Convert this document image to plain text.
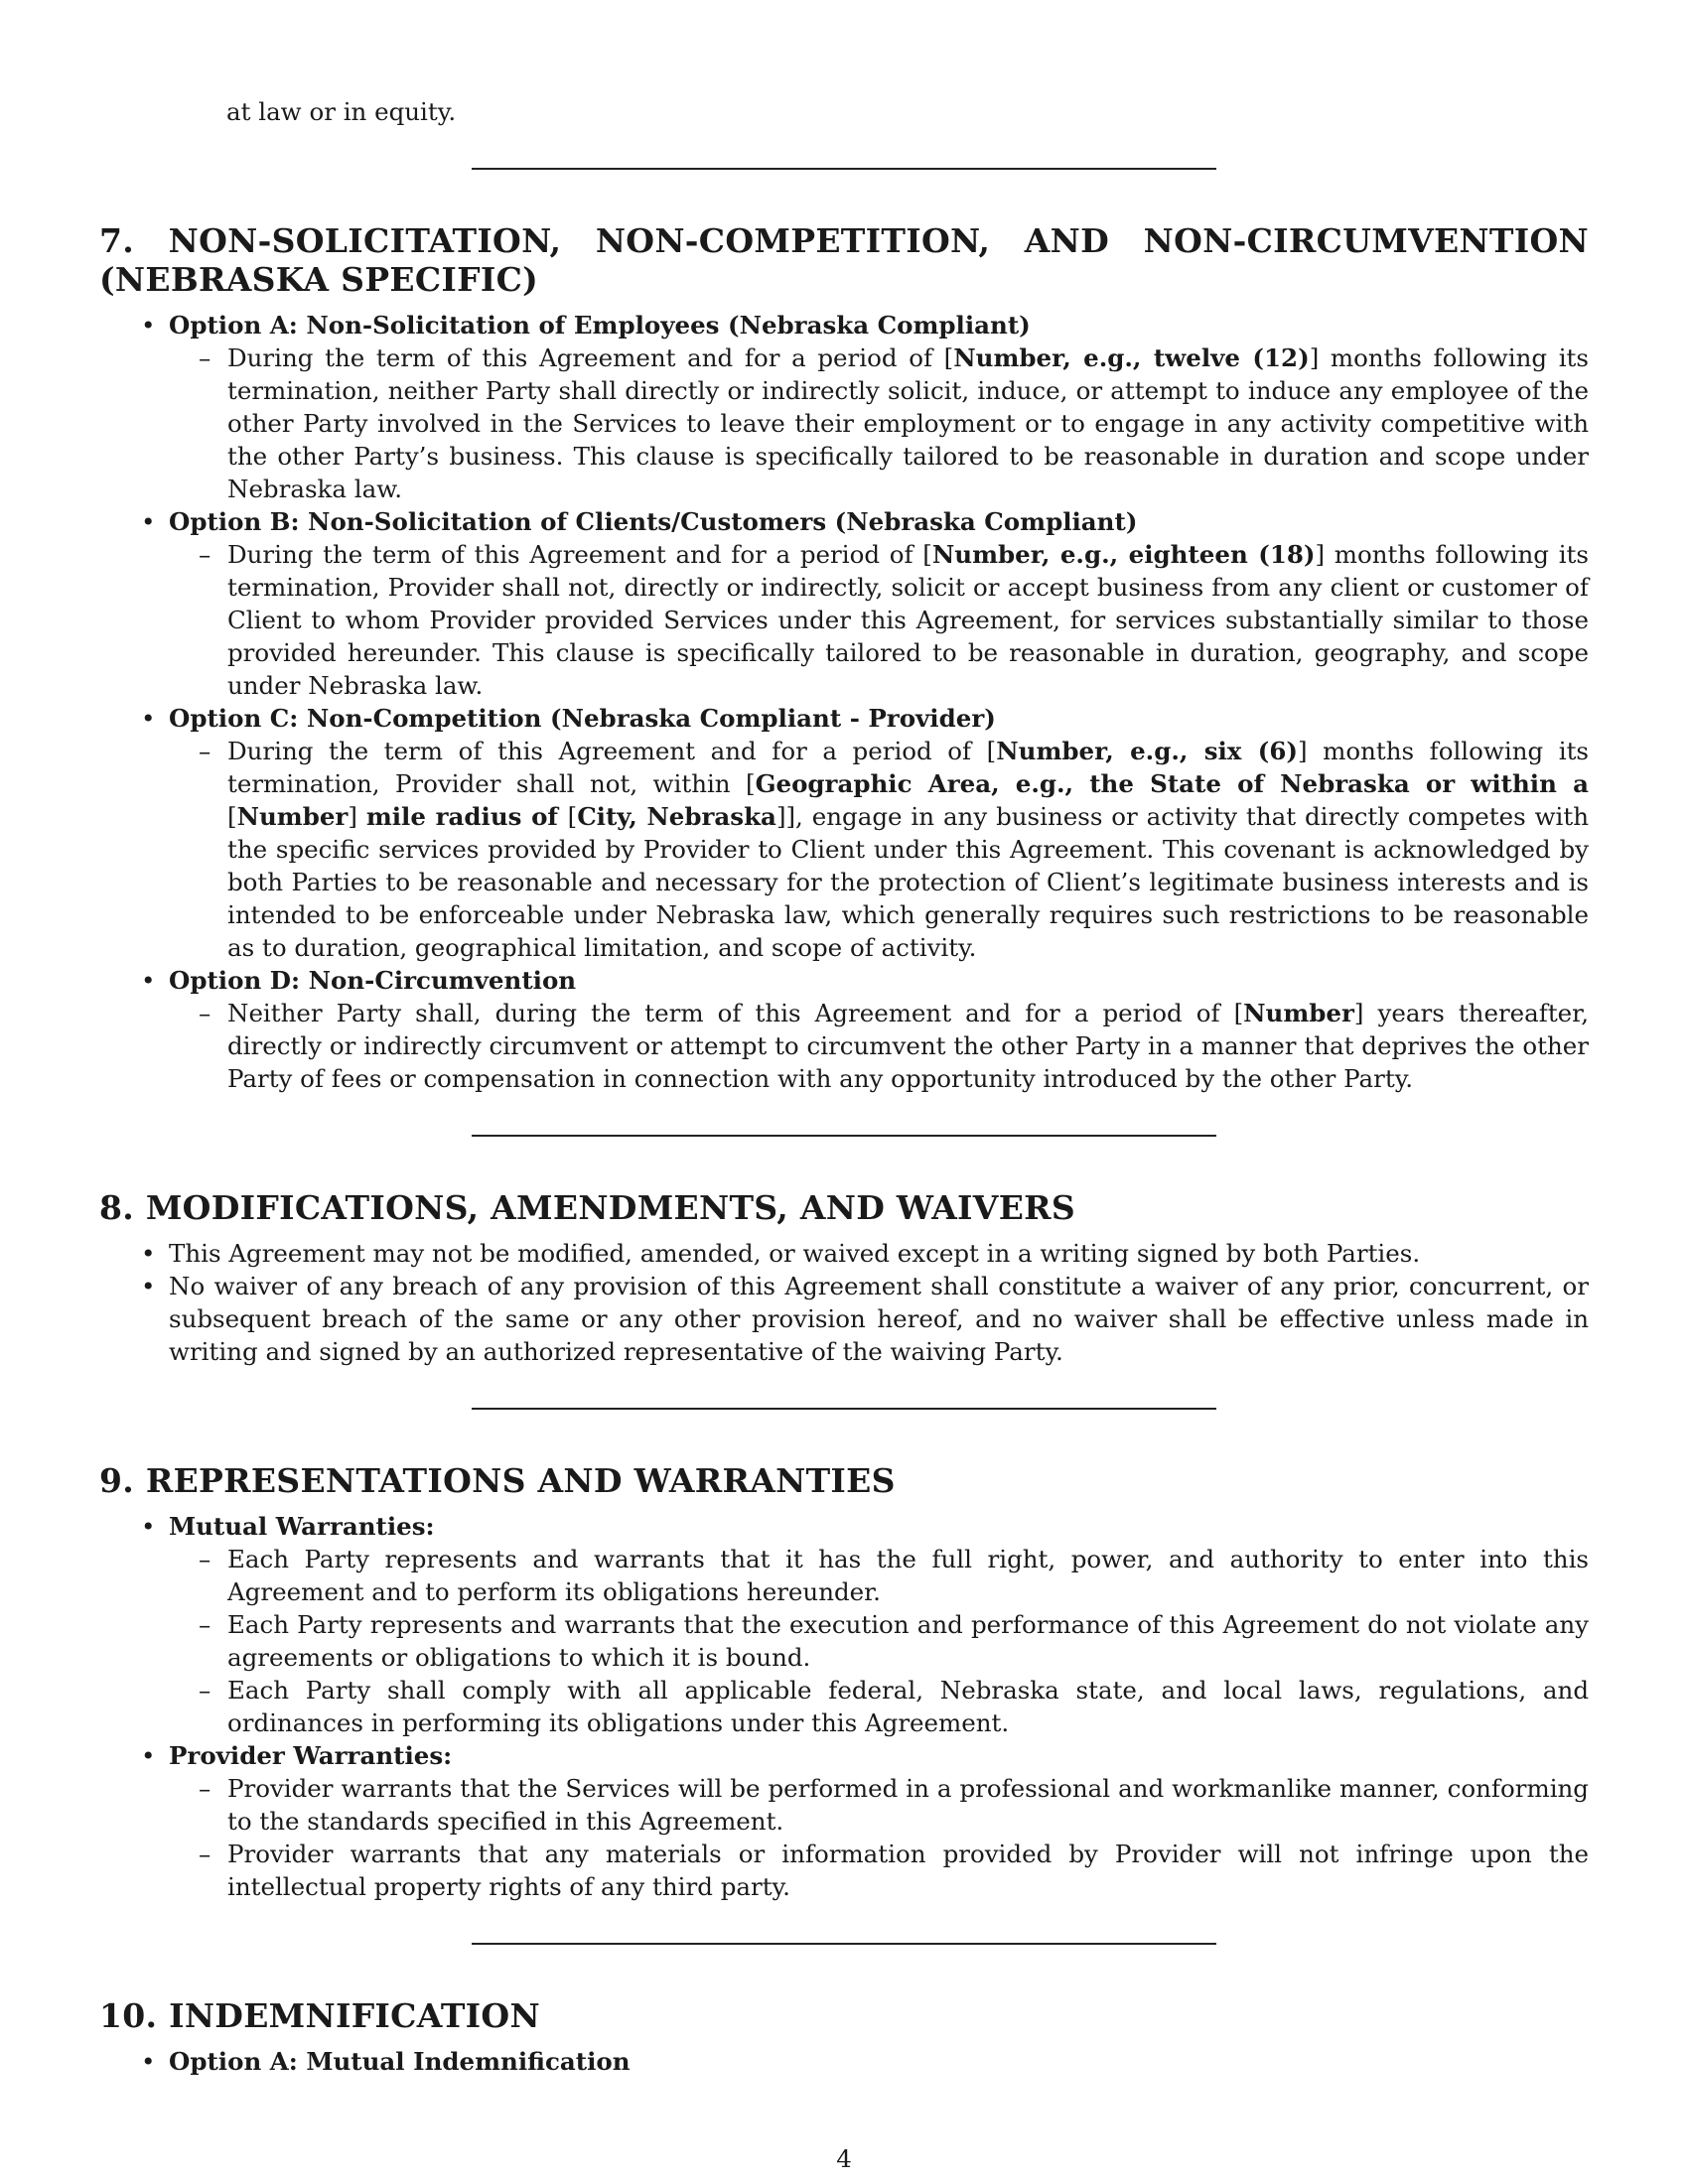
at law or in equity.

7. NON-SOLICITATION, NON-COMPETITION, AND NON-CIRCUMVENTION (NEBRASKA SPECIFIC)
• Option A: Non-Solicitation of Employees (Nebraska Compliant)
– During the term of this Agreement and for a period of [Number, e.g., twelve (12)] months following its termination, neither Party shall directly or indirectly solicit, induce, or attempt to induce any employee of the other Party involved in the Services to leave their employment or to engage in any activity competitive with the other Party’s business. This clause is specifically tailored to be reasonable in duration and scope under Nebraska law.
• Option B: Non-Solicitation of Clients/Customers (Nebraska Compliant)
– During the term of this Agreement and for a period of [Number, e.g., eighteen (18)] months following its termination, Provider shall not, directly or indirectly, solicit or accept business from any client or customer of Client to whom Provider provided Services under this Agreement, for services substantially similar to those provided hereunder. This clause is specifically tailored to be reasonable in duration, geography, and scope under Nebraska law.
• Option C: Non-Competition (Nebraska Compliant - Provider)
– During the term of this Agreement and for a period of [Number, e.g., six (6)] months following its termination, Provider shall not, within [Geographic Area, e.g., the State of Nebraska or within a [Number] mile radius of [City, Nebraska]], engage in any business or activity that directly competes with the specific services provided by Provider to Client under this Agreement. This covenant is acknowledged by both Parties to be reasonable and necessary for the protection of Client’s legitimate business interests and is intended to be enforceable under Nebraska law, which generally requires such restrictions to be reasonable as to duration, geographical limitation, and scope of activity.
• Option D: Non-Circumvention
– Neither Party shall, during the term of this Agreement and for a period of [Number] years thereafter, directly or indirectly circumvent or attempt to circumvent the other Party in a manner that deprives the other Party of fees or compensation in connection with any opportunity introduced by the other Party.
8. MODIFICATIONS, AMENDMENTS, AND WAIVERS
• This Agreement may not be modified, amended, or waived except in a writing signed by both Parties.
• No waiver of any breach of any provision of this Agreement shall constitute a waiver of any prior, concurrent, or subsequent breach of the same or any other provision hereof, and no waiver shall be effective unless made in writing and signed by an authorized representative of the waiving Party.
9. REPRESENTATIONS AND WARRANTIES
• Mutual Warranties:
– Each Party represents and warrants that it has the full right, power, and authority to enter into this Agreement and to perform its obligations hereunder.
– Each Party represents and warrants that the execution and performance of this Agreement do not violate any agreements or obligations to which it is bound.
– Each Party shall comply with all applicable federal, Nebraska state, and local laws, regulations, and ordinances in performing its obligations under this Agreement.
• Provider Warranties:
– Provider warrants that the Services will be performed in a professional and workmanlike manner, conforming to the standards specified in this Agreement.
– Provider warrants that any materials or information provided by Provider will not infringe upon the intellectual property rights of any third party.
10. INDEMNIFICATION
• Option A: Mutual Indemnification
4
